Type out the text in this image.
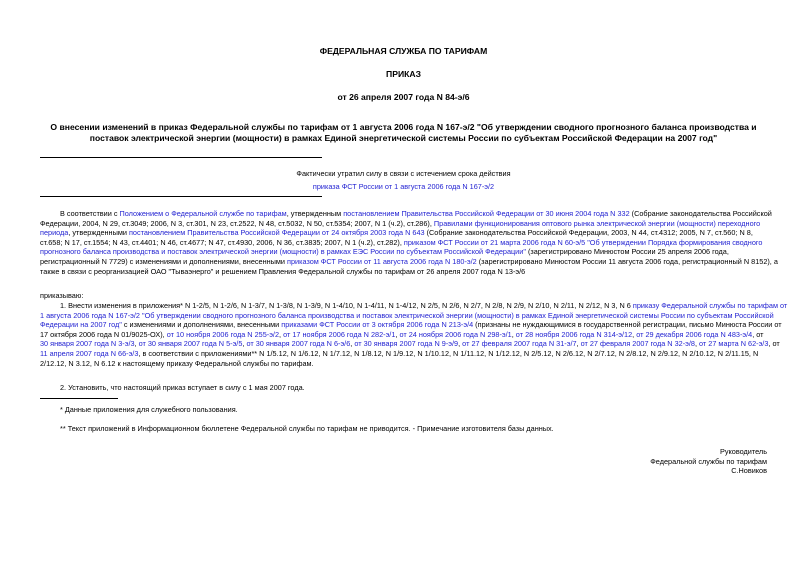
ФЕДЕРАЛЬНАЯ СЛУЖБА ПО ТАРИФАМ
ПРИКАЗ
от 26 апреля 2007 года N 84-э/6
О внесении изменений в приказ Федеральной службы по тарифам от 1 августа 2006 года N 167-э/2 "Об утверждении сводного прогнозного баланса производства и
поставок электрической энергии (мощности) в рамках Единой энергетической системы России по субъектам Российской Федерации на 2007 год"
Фактически утратил силу в связи с истечением срока действия
приказа ФСТ России от 1 августа 2006 года N 167-э/2
В соответствии с Положением о Федеральной службе по тарифам, утвержденным постановлением Правительства Российской Федерации от 30 июня 2004 года N 332 (Собрание законодательства Российской
Федерации, 2004, N 29, ст.3049; 2006, N 3, ст.301, N 23, ст.2522, N 48, ст.5032, N 50, ст.5354; 2007, N 1 (ч.2), ст.286), Правилами функционирования оптового рынка электрической энергии (мощности) переходного
периода, утвержденными постановлением Правительства Российской Федерации от 24 октября 2003 года N 643 (Собрание законодательства Российской Федерации, 2003, N 44, ст.4312; 2005, N 7, ст.560; N 8,
ст.658; N 17, ст.1554; N 43, ст.4401; N 46, ст.4677; N 47, ст.4930, 2006, N 36, ст.3835; 2007, N 1 (ч.2), ст.282), приказом ФСТ России от 21 марта 2006 года N 60-э/5 "Об утверждении Порядка формирования сводного
прогнозного баланса производства и поставок электрической энергии (мощности) в рамках ЕЭС России по субъектам Российской Федерации" (зарегистрировано Минюстом России 25 апреля 2006 года,
регистрационный N 7729) с изменениями и дополнениями, внесенными приказом ФСТ России от 11 августа 2006 года N 180-э/2 (зарегистрировано Минюстом России 11 августа 2006 года, регистрационный N 8152), а
также в связи с реорганизацией ОАО "Тываэнерго" и решением Правления Федеральной службы по тарифам от 26 апреля 2007 года N 13-э/6
приказываю:
1. Внести изменения в приложения* N 1-2/5, N 1-2/6, N 1-3/7, N 1-3/8, N 1-3/9, N 1-4/10, N 1-4/11, N 1-4/12, N 2/5, N 2/6, N 2/7, N 2/8, N 2/9, N 2/10, N 2/11, N 2/12, N 3, N 6 приказу Федеральной службы по тарифам от
1 августа 2006 года N 167-э/2 "Об утверждении сводного прогнозного баланса производства и поставок электрической энергии (мощности) в рамках Единой энергетической системы России по субъектам Российской
Федерации на 2007 год" с изменениями и дополнениями, внесенными приказами ФСТ России от 3 октября 2006 года N 213-э/4 (признаны не нуждающимися в государственной регистрации, письмо Минюста России от
17 октября 2006 года N 01/9025-ОХ), от 10 ноября 2006 года N 255-э/2, от 17 ноября 2006 года N 282-э/1, от 24 ноября 2006 года N 298-э/1, от 28 ноября 2006 года N 314-э/12, от 29 декабря 2006 года N 483-э/4, от
30 января 2007 года N 3-э/3, от 30 января 2007 года N 5-э/5, от 30 января 2007 года N 6-э/6, от 30 января 2007 года N 9-э/9, от 27 февраля 2007 года N 31-э/7, от 27 февраля 2007 года N 32-э/8, от 27 марта N 62-э/3, от
11 апреля 2007 года N 66-э/3, в соответствии с приложениями** N 1/5.12, N 1/6.12, N 1/7.12, N 1/8.12, N 1/9.12, N 1/10.12, N 1/11.12, N 1/12.12, N 2/5.12, N 2/6.12, N 2/7.12, N 2/8.12, N 2/9.12, N 2/10.12, N 2/11.15, N
2/12.12, N 3.12, N 6.12 к настоящему приказу Федеральной службы по тарифам.
2. Установить, что настоящий приказ вступает в силу с 1 мая 2007 года.
* Данные приложения для служебного пользования.
** Текст приложений в Информационном бюллетене Федеральной службы по тарифам не приводится. - Примечание изготовителя базы данных.
Руководитель
Федеральной службы по тарифам
С.Новиков
